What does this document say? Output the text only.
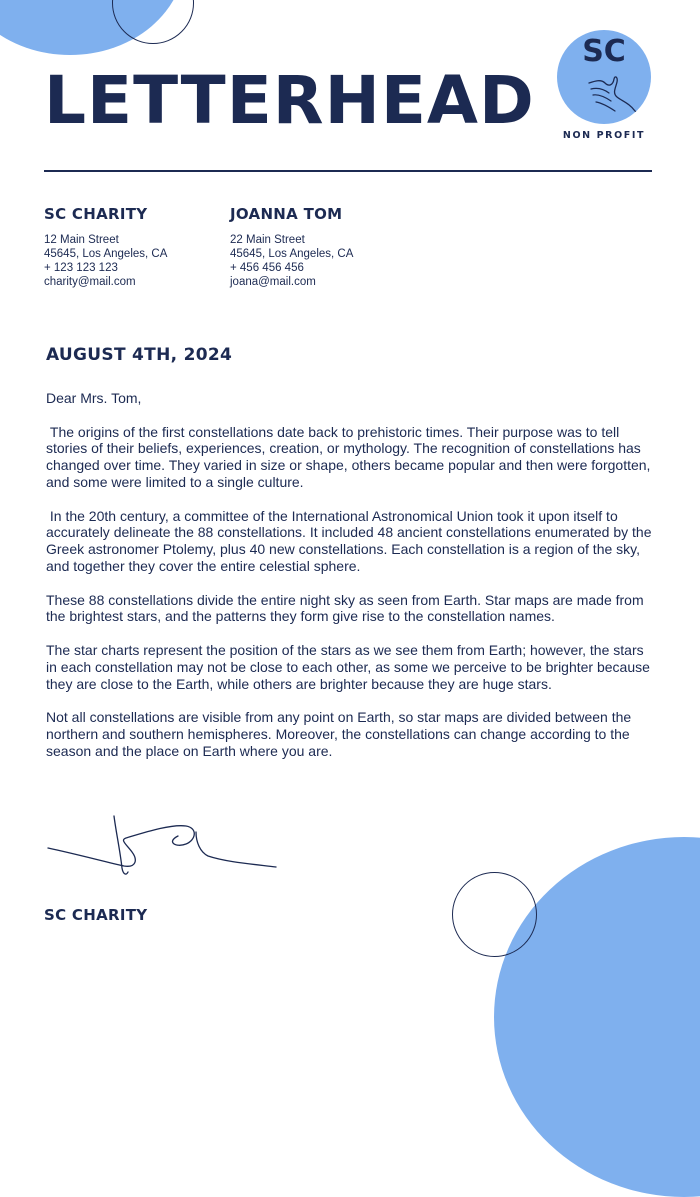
LETTERHEAD
SC
NON PROFIT
SC CHARITY
12 Main Street
45645, Los Angeles, CA
+ 123 123 123
charity@mail.com
JOANNA TOM
22 Main Street
45645, Los Angeles, CA
+ 456 456 456
joana@mail.com
AUGUST 4TH, 2024

Dear Mrs. Tom,

The origins of the first constellations date back to prehistoric times. Their purpose was to tell stories of their beliefs, experiences, creation, or mythology. The recognition of constellations has changed over time. They varied in size or shape, others became popular and then were forgotten, and some were limited to a single culture.

In the 20th century, a committee of the International Astronomical Union took it upon itself to accurately delineate the 88 constellations. It included 48 ancient constellations enumerated by the Greek astronomer Ptolemy, plus 40 new constellations. Each constellation is a region of the sky, and together they cover the entire celestial sphere.

These 88 constellations divide the entire night sky as seen from Earth. Star maps are made from the brightest stars, and the patterns they form give rise to the constellation names.

The star charts represent the position of the stars as we see them from Earth; however, the stars in each constellation may not be close to each other, as some we perceive to be brighter because they are close to the Earth, while others are brighter because they are huge stars.

Not all constellations are visible from any point on Earth, so star maps are divided between the northern and southern hemispheres. Moreover, the constellations can change according to the season and the place on Earth where you are.

SC CHARITY
